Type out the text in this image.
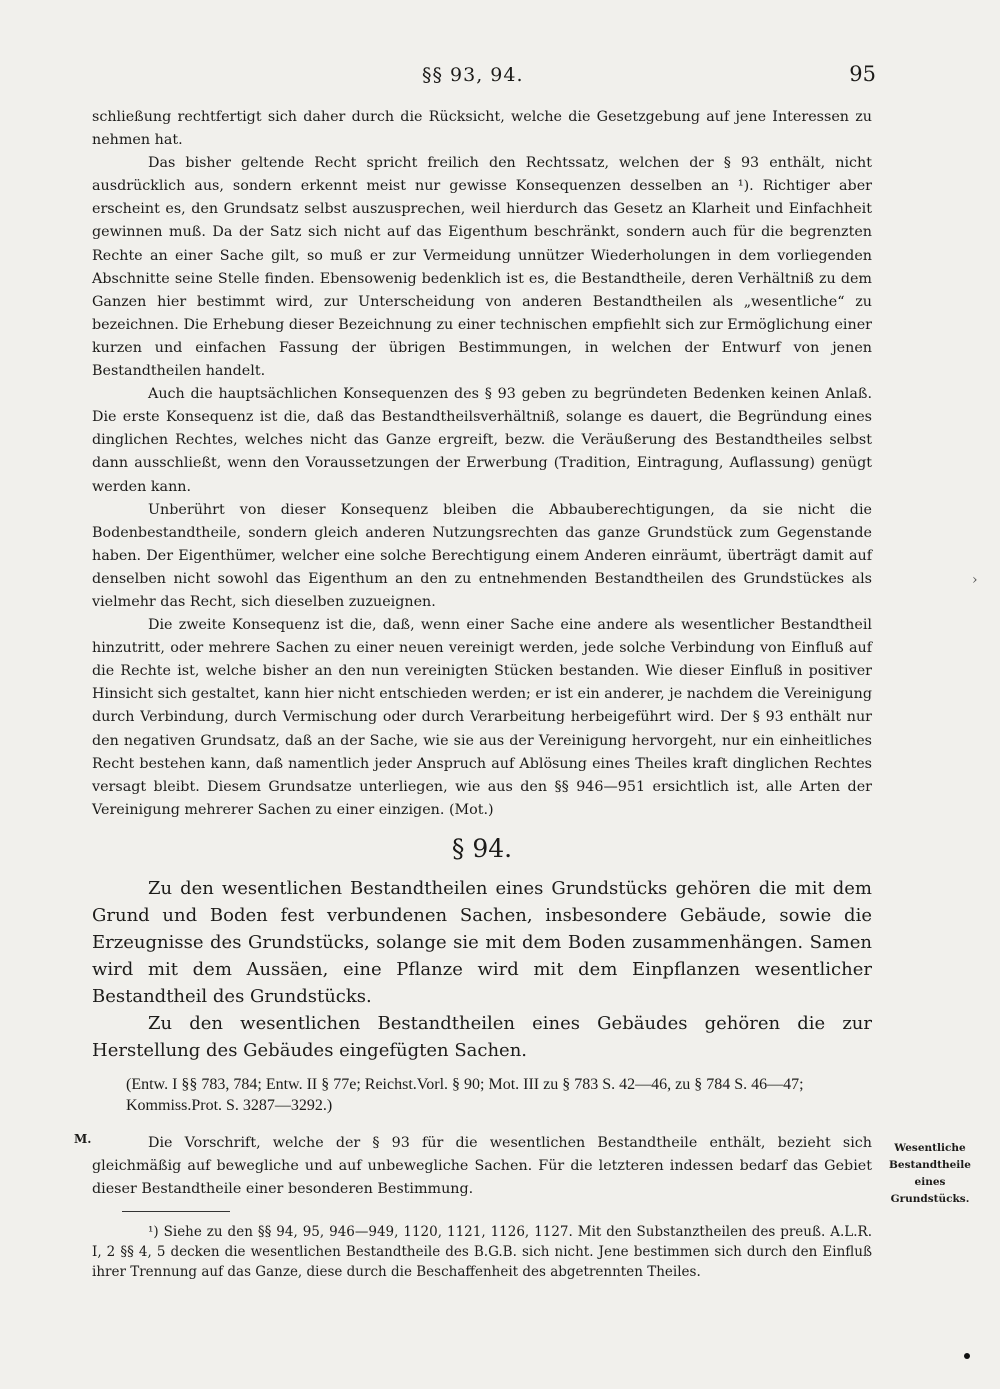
§§ 93, 94.	95

schließung rechtfertigt sich daher durch die Rücksicht, welche die Gesetzgebung auf jene Interessen zu nehmen hat.

Das bisher geltende Recht spricht freilich den Rechtssatz, welchen der § 93 enthält, nicht ausdrücklich aus, sondern erkennt meist nur gewisse Konsequenzen desselben an ¹). Richtiger aber erscheint es, den Grundsatz selbst auszusprechen, weil hierdurch das Gesetz an Klarheit und Einfachheit gewinnen muß. Da der Satz sich nicht auf das Eigenthum beschränkt, sondern auch für die begrenzten Rechte an einer Sache gilt, so muß er zur Vermeidung unnützer Wiederholungen in dem vorliegenden Abschnitte seine Stelle finden. Ebensowenig bedenklich ist es, die Bestandtheile, deren Verhältniß zu dem Ganzen hier bestimmt wird, zur Unterscheidung von anderen Bestandtheilen als „wesentliche“ zu bezeichnen. Die Erhebung dieser Bezeichnung zu einer technischen empfiehlt sich zur Ermöglichung einer kurzen und einfachen Fassung der übrigen Bestimmungen, in welchen der Entwurf von jenen Bestandtheilen handelt.

Auch die hauptsächlichen Konsequenzen des § 93 geben zu begründeten Bedenken keinen Anlaß. Die erste Konsequenz ist die, daß das Bestandtheilsverhältniß, solange es dauert, die Begründung eines dinglichen Rechtes, welches nicht das Ganze ergreift, bezw. die Veräußerung des Bestandtheiles selbst dann ausschließt, wenn den Voraussetzungen der Erwerbung (Tradition, Eintragung, Auflassung) genügt werden kann.

Unberührt von dieser Konsequenz bleiben die Abbauberechtigungen, da sie nicht die Bodenbestandtheile, sondern gleich anderen Nutzungsrechten das ganze Grundstück zum Gegenstande haben. Der Eigenthümer, welcher eine solche Berechtigung einem Anderen einräumt, überträgt damit auf denselben nicht sowohl das Eigenthum an den zu entnehmenden Bestandtheilen des Grundstückes als vielmehr das Recht, sich dieselben zuzueignen.

Die zweite Konsequenz ist die, daß, wenn einer Sache eine andere als wesentlicher Bestandtheil hinzutritt, oder mehrere Sachen zu einer neuen vereinigt werden, jede solche Verbindung von Einfluß auf die Rechte ist, welche bisher an den nun vereinigten Stücken bestanden. Wie dieser Einfluß in positiver Hinsicht sich gestaltet, kann hier nicht entschieden werden; er ist ein anderer, je nachdem die Vereinigung durch Verbindung, durch Vermischung oder durch Verarbeitung herbeigeführt wird. Der § 93 enthält nur den negativen Grundsatz, daß an der Sache, wie sie aus der Vereinigung hervorgeht, nur ein einheitliches Recht bestehen kann, daß namentlich jeder Anspruch auf Ablösung eines Theiles kraft dinglichen Rechtes versagt bleibt. Diesem Grundsatze unterliegen, wie aus den §§ 946—951 ersichtlich ist, alle Arten der Vereinigung mehrerer Sachen zu einer einzigen. (Mot.)

§ 94.

Zu den wesentlichen Bestandtheilen eines Grundstücks gehören die mit dem Grund und Boden fest verbundenen Sachen, insbesondere Gebäude, sowie die Erzeugnisse des Grundstücks, solange sie mit dem Boden zusammenhängen. Samen wird mit dem Aussäen, eine Pflanze wird mit dem Einpflanzen wesentlicher Bestandtheil des Grundstücks.

Zu den wesentlichen Bestandtheilen eines Gebäudes gehören die zur Herstellung des Gebäudes eingefügten Sachen.

(Entw. I §§ 783, 784; Entw. II § 77e; Reichst.Vorl. § 90; Mot. III zu § 783 S. 42—46, zu § 784 S. 46—47; Kommiss.Prot. S. 3287—3292.)

M.	Die Vorschrift, welche der § 93 für die wesentlichen Bestandtheile enthält, bezieht sich gleichmäßig auf bewegliche und auf unbewegliche Sachen. Für die letzteren indessen bedarf das Gebiet dieser Bestandtheile einer besonderen Bestimmung.

¹) Siehe zu den §§ 94, 95, 946—949, 1120, 1121, 1126, 1127. Mit den Substanztheilen des preuß. A.L.R. I, 2 §§ 4, 5 decken die wesentlichen Bestandtheile des B.G.B. sich nicht. Jene bestimmen sich durch den Einfluß ihrer Trennung auf das Ganze, diese durch die Beschaffenheit des abgetrennten Theiles.

Wesentliche
Bestandtheile
eines
Grundstücks.
›
